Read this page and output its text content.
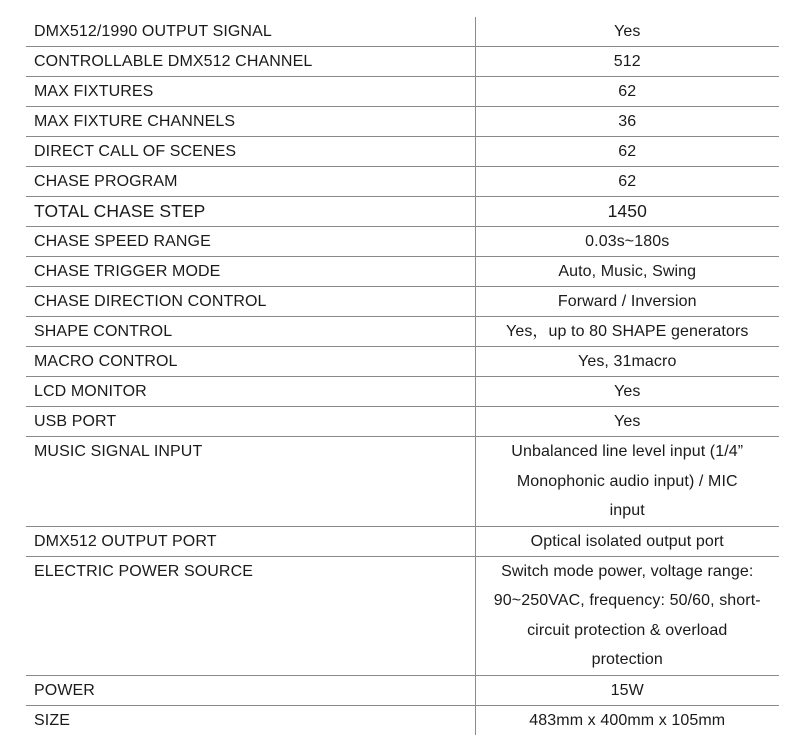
DMX512/1990 OUTPUT SIGNAL	Yes
CONTROLLABLE DMX512 CHANNEL	512
MAX FIXTURES	62
MAX FIXTURE CHANNELS	36
DIRECT CALL OF SCENES	62
CHASE PROGRAM	62
TOTAL CHASE STEP	1450
CHASE SPEED RANGE	0.03s~180s
CHASE TRIGGER MODE	Auto, Music, Swing
CHASE DIRECTION CONTROL	Forward / Inversion
SHAPE CONTROL	Yes，up to 80 SHAPE generators
MACRO CONTROL	Yes, 31macro
LCD MONITOR	Yes
USB PORT	Yes
MUSIC SIGNAL INPUT	Unbalanced line level input (1/4” Monophonic audio input) / MIC input
DMX512 OUTPUT PORT	Optical isolated output port
ELECTRIC POWER SOURCE	Switch mode power, voltage range: 90~250VAC, frequency: 50/60, short-circuit protection & overload protection
POWER	15W
SIZE	483mm x 400mm x 105mm
